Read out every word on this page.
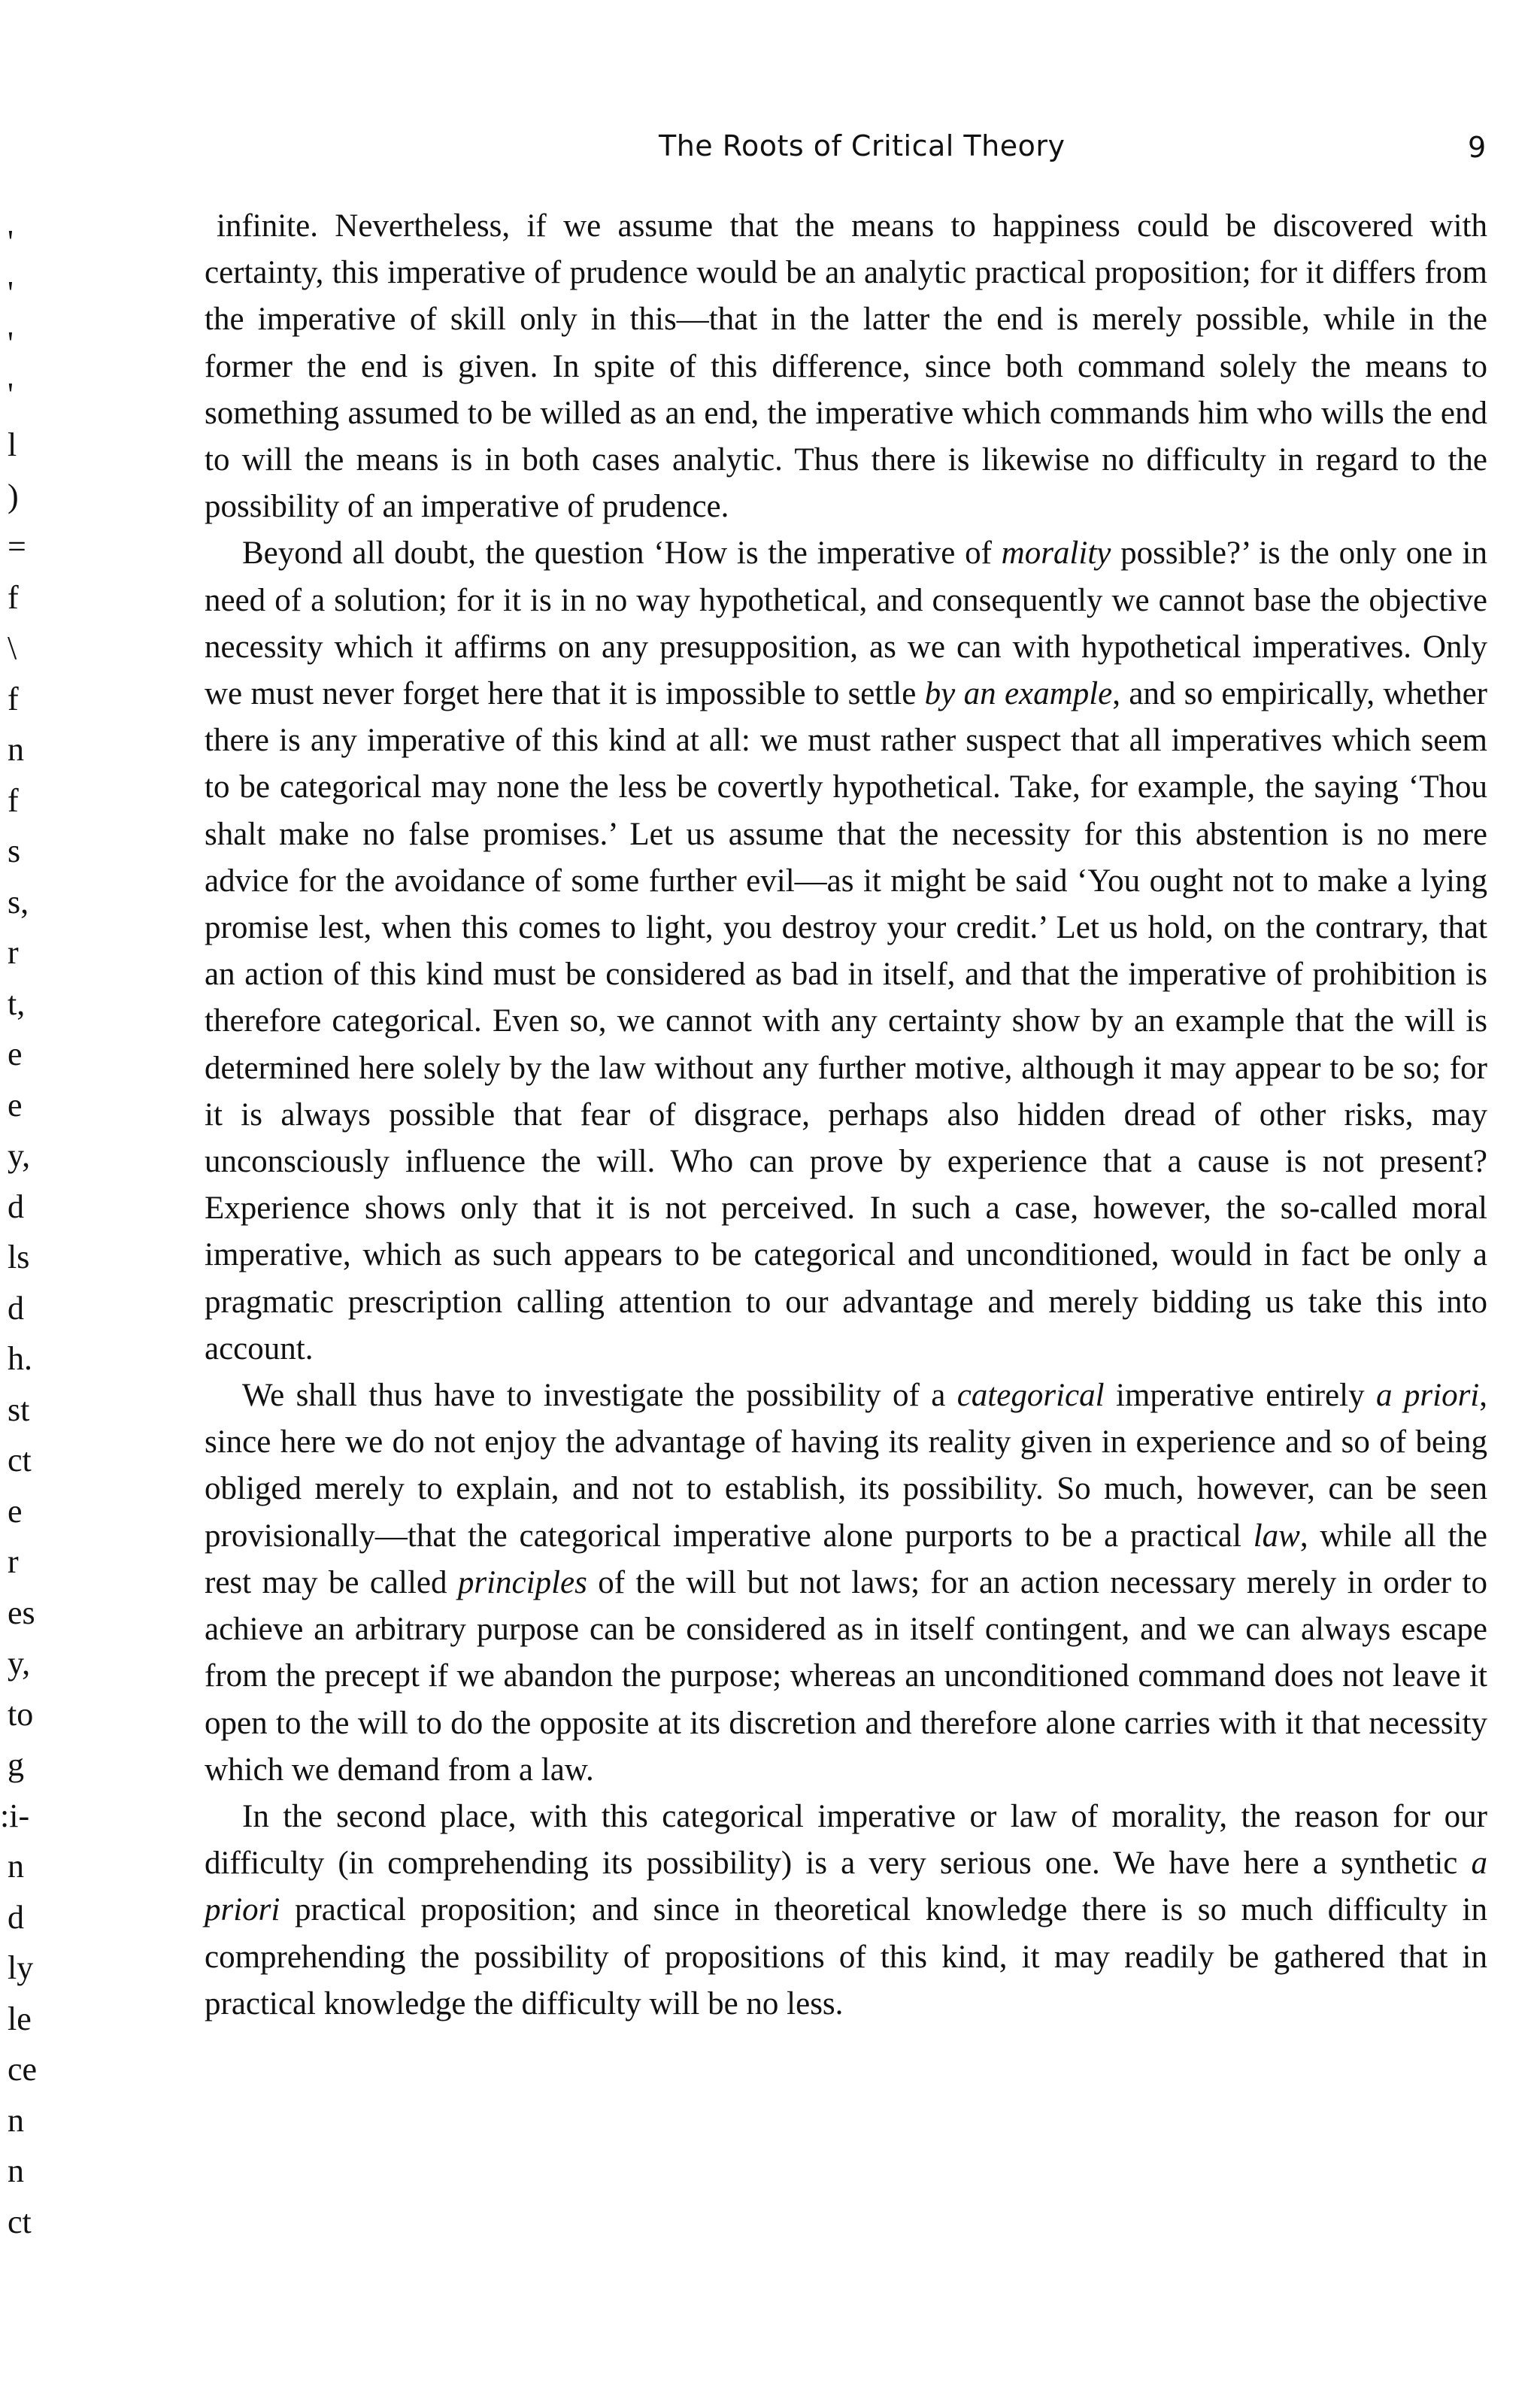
The Roots of Critical Theory	9
'
'
'
'
l
)
=
f
\
f
n
f
s
s,
r
t,
e
e
y,
d
ls
d
h.
st
ct
e
r
es
y,
to
g
:i-
n
d
ly
le
ce
n
n
ct

infinite. Nevertheless, if we assume that the means to happiness could be discovered with certainty, this imperative of prudence would be an analytic practical proposition; for it differs from the imperative of skill only in this—that in the latter the end is merely possible, while in the former the end is given. In spite of this difference, since both command solely the means to something assumed to be willed as an end, the imperative which commands him who wills the end to will the means is in both cases analytic. Thus there is likewise no difficulty in regard to the possibility of an imperative of prudence.

Beyond all doubt, the question ‘How is the imperative of morality possible?’ is the only one in need of a solution; for it is in no way hypothetical, and consequently we cannot base the objective necessity which it affirms on any presupposition, as we can with hypothetical imperatives. Only we must never forget here that it is impossible to settle by an example, and so empirically, whether there is any imperative of this kind at all: we must rather suspect that all imperatives which seem to be categorical may none the less be covertly hypothetical. Take, for example, the saying ‘Thou shalt make no false promises.’ Let us assume that the necessity for this abstention is no mere advice for the avoidance of some further evil—as it might be said ‘You ought not to make a lying promise lest, when this comes to light, you destroy your credit.’ Let us hold, on the contrary, that an action of this kind must be considered as bad in itself, and that the imperative of prohibition is therefore categorical. Even so, we cannot with any certainty show by an example that the will is determined here solely by the law without any further motive, although it may appear to be so; for it is always possible that fear of disgrace, perhaps also hidden dread of other risks, may unconsciously influence the will. Who can prove by experience that a cause is not present? Experience shows only that it is not perceived. In such a case, however, the so-called moral imperative, which as such appears to be categorical and unconditioned, would in fact be only a pragmatic prescription calling attention to our advantage and merely bidding us take this into account.

We shall thus have to investigate the possibility of a categorical imperative entirely a priori, since here we do not enjoy the advantage of having its reality given in experience and so of being obliged merely to explain, and not to establish, its possibility. So much, however, can be seen provisionally—that the categorical imperative alone purports to be a practical law, while all the rest may be called principles of the will but not laws; for an action necessary merely in order to achieve an arbitrary purpose can be considered as in itself contingent, and we can always escape from the precept if we abandon the purpose; whereas an unconditioned command does not leave it open to the will to do the opposite at its discretion and therefore alone carries with it that necessity which we demand from a law.

In the second place, with this categorical imperative or law of morality, the reason for our difficulty (in comprehending its possibility) is a very serious one. We have here a synthetic a priori practical proposition; and since in theoretical knowledge there is so much difficulty in comprehending the possibility of propositions of this kind, it may readily be gathered that in practical knowledge the difficulty will be no less.
